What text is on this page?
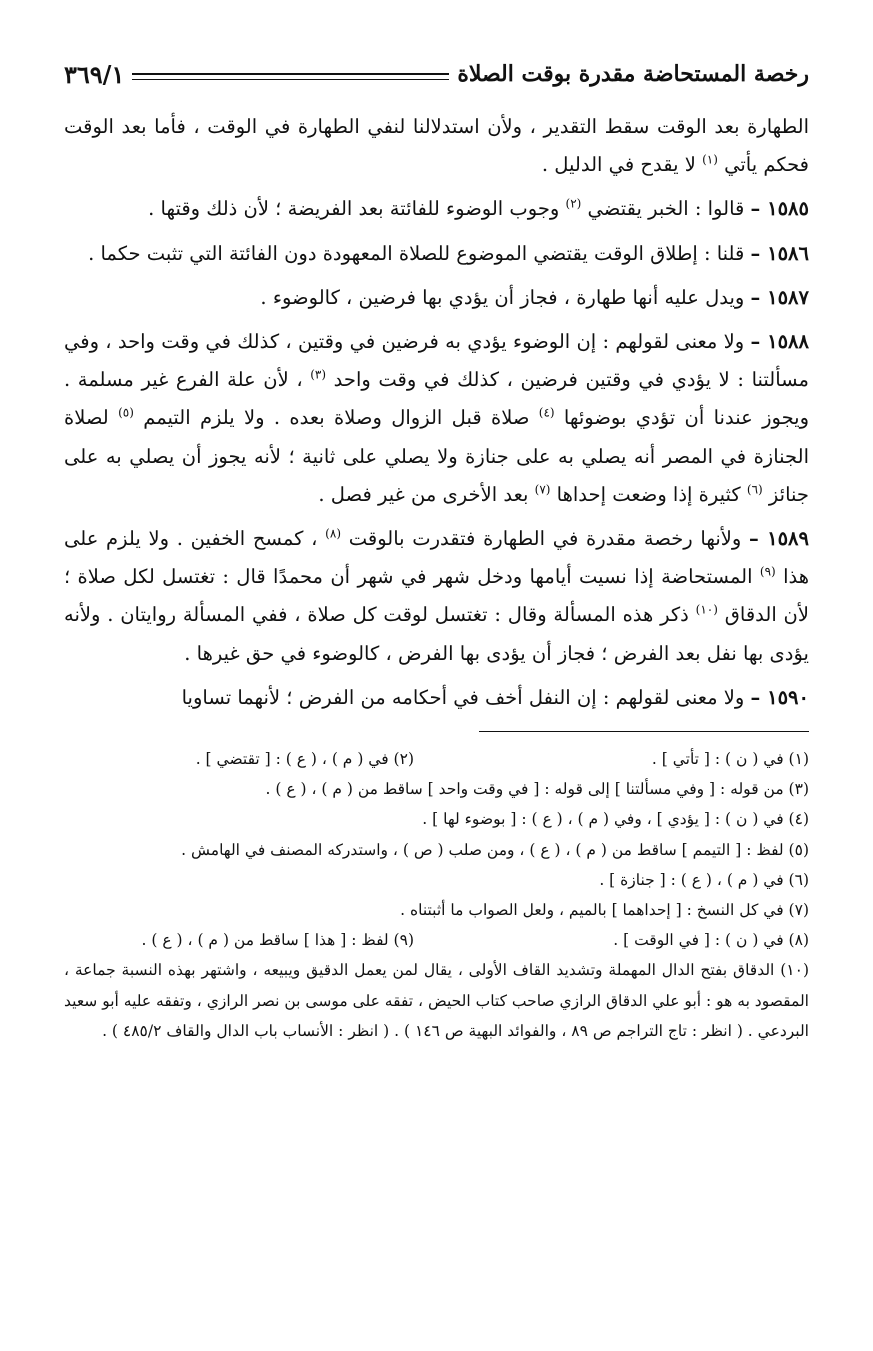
رخصة المستحاضة مقدرة بوقت الصلاة
٣٦٩/١

الطهارة بعد الوقت سقط التقدير ، ولأن استدلالنا لنفي الطهارة في الوقت ، فأما بعد الوقت فحكم يأتي $^{(١)}$ لا يقدح في الدليل .

١٥٨٥ – قالوا : الخبر يقتضي $^{(٢)}$ وجوب الوضوء للفائتة بعد الفريضة ؛ لأن ذلك وقتها .

١٥٨٦ – قلنا : إطلاق الوقت يقتضي الموضوع للصلاة المعهودة دون الفائتة التي تثبت حكما .

١٥٨٧ – ويدل عليه أنها طهارة ، فجاز أن يؤدي بها فرضين ، كالوضوء .

١٥٨٨ – ولا معنى لقولهم : إن الوضوء يؤدي به فرضين في وقتين ، كذلك في وقت واحد ، وفي مسألتنا : لا يؤدي في وقتين فرضين ، كذلك في وقت واحد $^{(٣)}$ ، لأن علة الفرع غير مسلمة . ويجوز عندنا أن تؤدي بوضوئها $^{(٤)}$ صلاة قبل الزوال وصلاة بعده . ولا يلزم التيمم $^{(٥)}$ لصلاة الجنازة في المصر أنه يصلي به على جنازة ولا يصلي على ثانية ؛ لأنه يجوز أن يصلي به على جنائز $^{(٦)}$ كثيرة إذا وضعت إحداها $^{(٧)}$ بعد الأخرى من غير فصل .

١٥٨٩ – ولأنها رخصة مقدرة في الطهارة فتقدرت بالوقت $^{(٨)}$ ، كمسح الخفين . ولا يلزم على هذا $^{(٩)}$ المستحاضة إذا نسيت أيامها ودخل شهر في شهر أن محمدًا قال : تغتسل لكل صلاة ؛ لأن الدقاق $^{(١٠)}$ ذكر هذه المسألة وقال : تغتسل لوقت كل صلاة ، ففي المسألة روايتان . ولأنه يؤدى بها نفل بعد الفرض ؛ فجاز أن يؤدى بها الفرض ، كالوضوء في حق غيرها .

١٥٩٠ – ولا معنى لقولهم : إن النفل أخف في أحكامه من الفرض ؛ لأنهما تساويا

(١) في ( ن ) : [ تأتي ] .
(٢) في ( م ) ، ( ع ) : [ تقتضي ] .

(٣) من قوله : [ وفي مسألتنا ] إلى قوله : [ في وقت واحد ] ساقط من ( م ) ، ( ع ) .

(٤) في ( ن ) : [ يؤدي ] ، وفي ( م ) ، ( ع ) : [ بوضوء لها ] .

(٥) لفظ : [ التيمم ] ساقط من ( م ) ، ( ع ) ، ومن صلب ( ص ) ، واستدركه المصنف في الهامش .

(٦) في ( م ) ، ( ع ) : [ جنازة ] .

(٧) في كل النسخ : [ إحداهما ] بالميم ، ولعل الصواب ما أثبتناه .

(٨) في ( ن ) : [ في الوقت ] .
(٩) لفظ : [ هذا ] ساقط من ( م ) ، ( ع ) .

(١٠) الدقاق بفتح الدال المهملة وتشديد القاف الأولى ، يقال لمن يعمل الدقيق ويبيعه ، واشتهر بهذه النسبة جماعة ، المقصود به هو : أبو علي الدقاق الرازي صاحب كتاب الحيض ، تفقه على موسى بن نصر الرازي ، وتفقه عليه أبو سعيد البردعي . ( انظر : تاج التراجم ص ٨٩ ، والفوائد البهية ص ١٤٦ ) . ( انظر : الأنساب باب الدال والقاف ٤٨٥/٢ ) .
